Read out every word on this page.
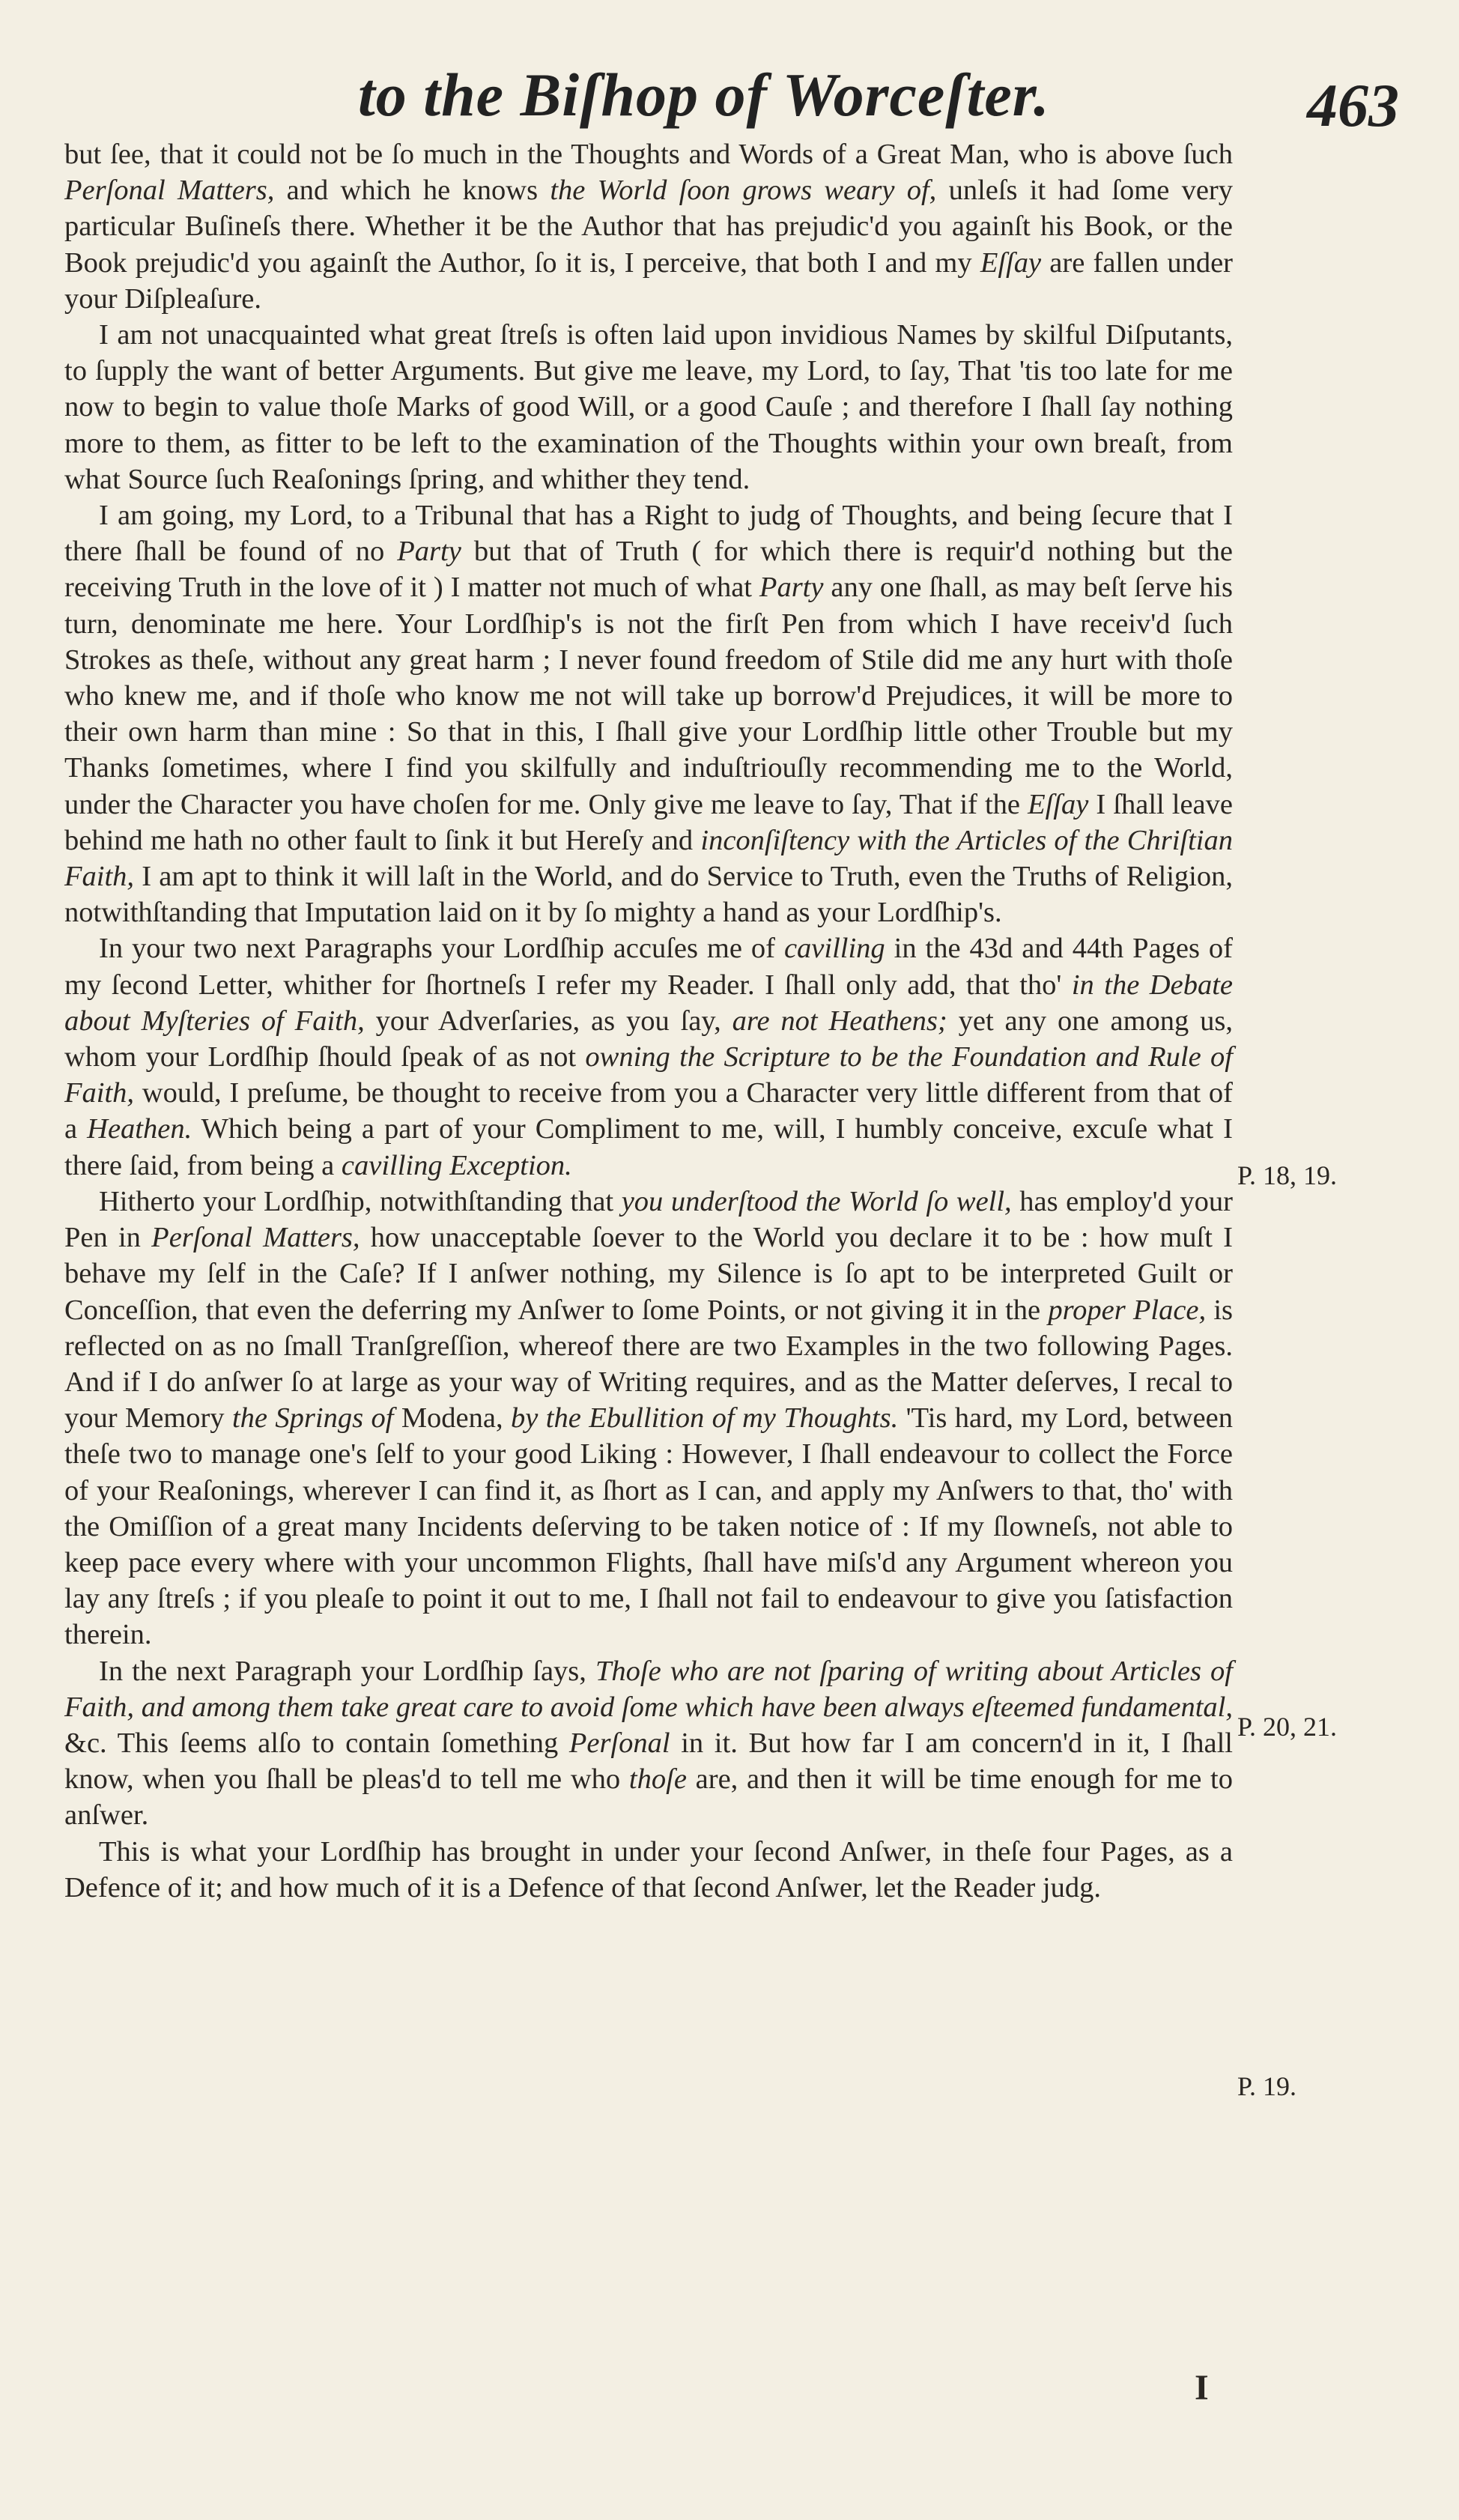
to the Biſhop of Worceſter.	463

but ſee, that it could not be ſo much in the Thoughts and Words of a Great Man, who is above ſuch Perſonal Matters, and which he knows the World ſoon grows weary of, unleſs it had ſome very particular Buſineſs there. Whether it be the Author that has prejudic'd you againſt his Book, or the Book prejudic'd you againſt the Author, ſo it is, I perceive, that both I and my Eſſay are fallen under your Diſpleaſure.

I am not unacquainted what great ſtreſs is often laid upon invidious Names by skilful Diſputants, to ſupply the want of better Arguments. But give me leave, my Lord, to ſay, That 'tis too late for me now to begin to value thoſe Marks of good Will, or a good Cauſe ; and therefore I ſhall ſay nothing more to them, as fitter to be left to the examination of the Thoughts within your own breaſt, from what Source ſuch Reaſonings ſpring, and whither they tend.

I am going, my Lord, to a Tribunal that has a Right to judg of Thoughts, and being ſecure that I there ſhall be found of no Party but that of Truth ( for which there is requir'd nothing but the receiving Truth in the love of it ) I matter not much of what Party any one ſhall, as may beſt ſerve his turn, denominate me here. Your Lordſhip's is not the firſt Pen from which I have receiv'd ſuch Strokes as theſe, without any great harm ; I never found freedom of Stile did me any hurt with thoſe who knew me, and if thoſe who know me not will take up borrow'd Prejudices, it will be more to their own harm than mine : So that in this, I ſhall give your Lordſhip little other Trouble but my Thanks ſometimes, where I find you skilfully and induſtriouſly recommending me to the World, under the Character you have choſen for me. Only give me leave to ſay, That if the Eſſay I ſhall leave behind me hath no other fault to ſink it but Hereſy and inconſiſtency with the Articles of the Chriſtian Faith, I am apt to think it will laſt in the World, and do Service to Truth, even the Truths of Religion, notwithſtanding that Imputation laid on it by ſo mighty a hand as your Lordſhip's.

In your two next Paragraphs your Lordſhip accuſes me of cavilling in the 43d and 44th Pages of my ſecond Letter, whither for ſhortneſs I refer my Reader. I ſhall only add, that tho' in the Debate about Myſteries of Faith, your Adverſaries, as you ſay, are not Heathens; yet any one among us, whom your Lordſhip ſhould ſpeak of as not owning the Scripture to be the Foundation and Rule of Faith, would, I preſume, be thought to receive from you a Character very little different from that of a Heathen. Which being a part of your Compliment to me, will, I humbly conceive, excuſe what I there ſaid, from being a cavilling Exception.

Hitherto your Lordſhip, notwithſtanding that you underſtood the World ſo well, has employ'd your Pen in Perſonal Matters, how unacceptable ſoever to the World you declare it to be : how muſt I behave my ſelf in the Caſe? If I anſwer nothing, my Silence is ſo apt to be interpreted Guilt or Conceſſion, that even the deferring my Anſwer to ſome Points, or not giving it in the proper Place, is reflected on as no ſmall Tranſgreſſion, whereof there are two Examples in the two following Pages. And if I do anſwer ſo at large as your way of Writing requires, and as the Matter deſerves, I recal to your Memory the Springs of Modena, by the Ebullition of my Thoughts. 'Tis hard, my Lord, between theſe two to manage one's ſelf to your good Liking : However, I ſhall endeavour to collect the Force of your Reaſonings, wherever I can find it, as ſhort as I can, and apply my Anſwers to that, tho' with the Omiſſion of a great many Incidents deſerving to be taken notice of : If my ſlowneſs, not able to keep pace every where with your uncommon Flights, ſhall have miſs'd any Argument whereon you lay any ſtreſs ; if you pleaſe to point it out to me, I ſhall not fail to endeavour to give you ſatisfaction therein.

In the next Paragraph your Lordſhip ſays, Thoſe who are not ſparing of writing about Articles of Faith, and among them take great care to avoid ſome which have been always eſteemed fundamental, &c. This ſeems alſo to contain ſomething Perſonal in it. But how far I am concern'd in it, I ſhall know, when you ſhall be pleas'd to tell me who thoſe are, and then it will be time enough for me to anſwer.

This is what your Lordſhip has brought in under your ſecond Anſwer, in theſe four Pages, as a Defence of it; and how much of it is a Defence of that ſecond Anſwer, let the Reader judg.

P. 18, 19.
P. 20, 21.
P. 19.
I
